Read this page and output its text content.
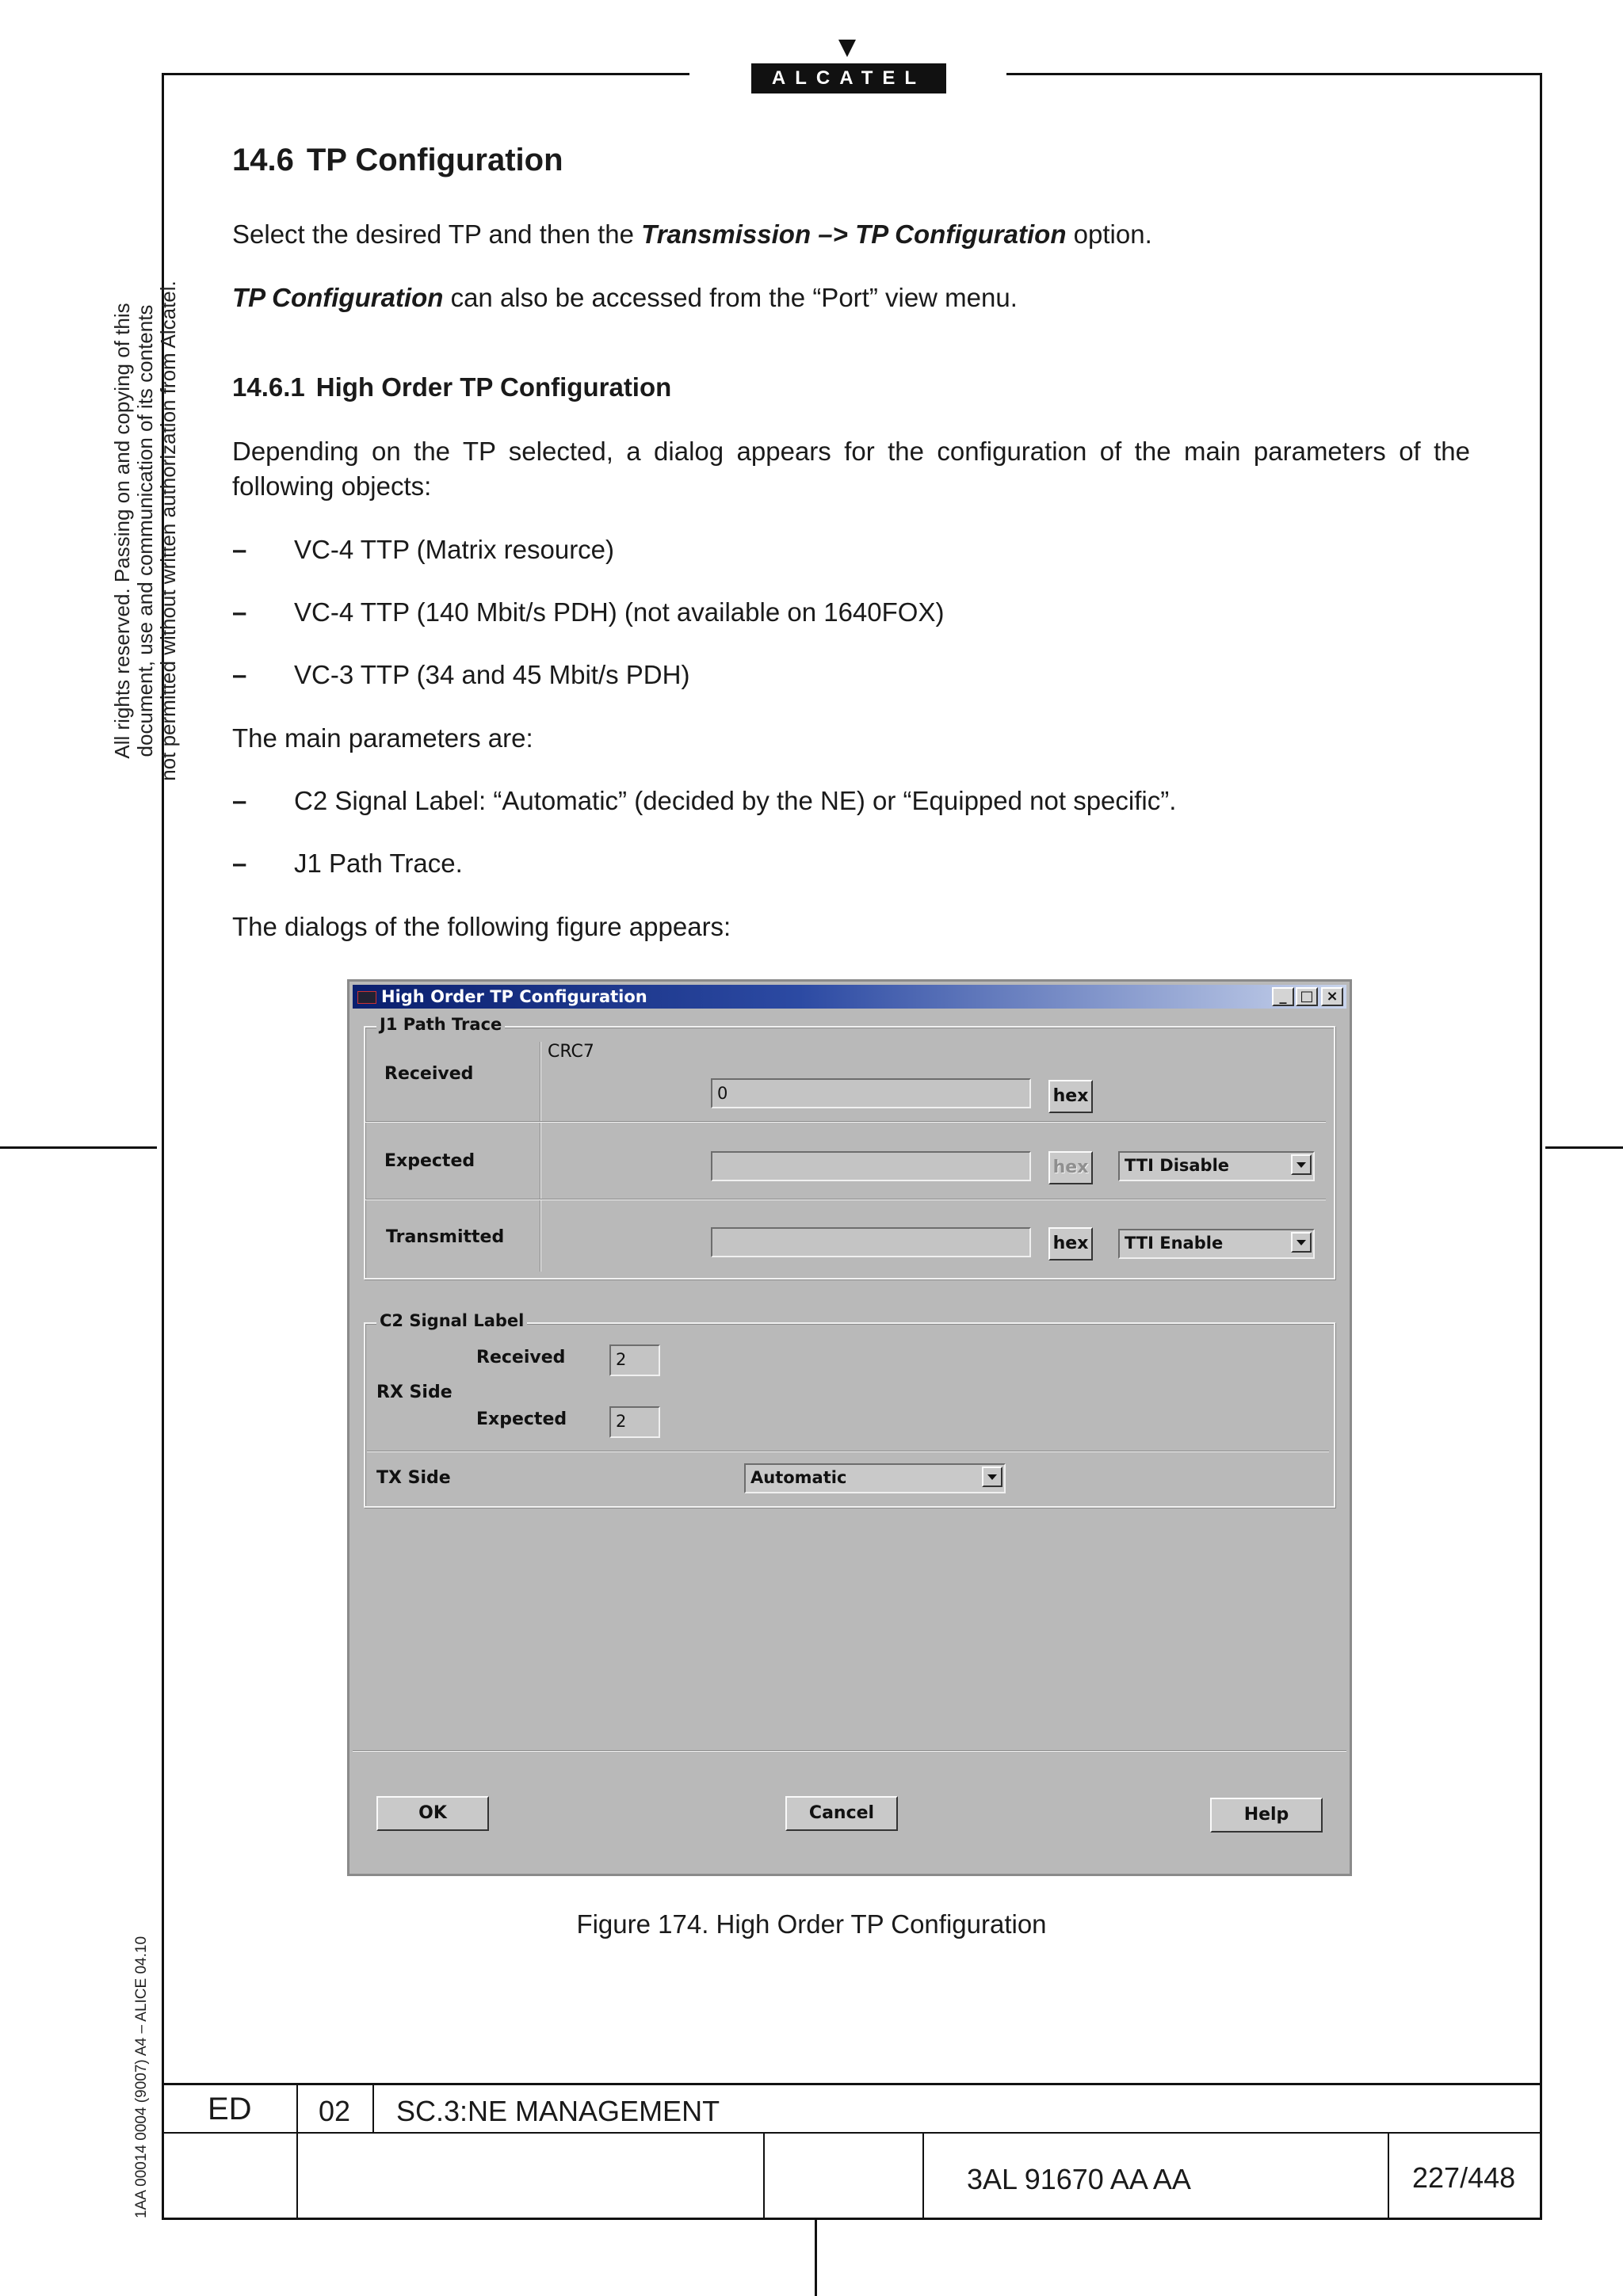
ALCATEL
All rights reserved. Passing on and copying of this document, use and communication of its contents not permitted without written authorization from Alcatel.
1AA 00014 0004 (9007) A4 – ALICE 04.10
14.6 TP Configuration

Select the desired TP and then the Transmission –> TP Configuration option.

TP Configuration can also be accessed from the “Port” view menu.

14.6.1 High Order TP Configuration

Depending on the TP selected, a dialog appears for the configuration of the main parameters of the following objects:

– VC-4 TTP (Matrix resource)
– VC-4 TTP (140 Mbit/s PDH) (not available on 1640FOX)
– VC-3 TTP (34 and 45 Mbit/s PDH)

The main parameters are:

– C2 Signal Label: “Automatic” (decided by the NE) or “Equipped not specific”.
– J1 Path Trace.

The dialogs of the following figure appears:

High Order TP Configuration	_ □ ×
J1 Path Trace
Received
CRC7
0	hex
Expected	hex	TTI Disable
Transmitted	hex	TTI Enable
C2 Signal Label
Received	2
RX Side
Expected	2
TX Side	Automatic
OK	Cancel	Help
Figure 174. High Order TP Configuration
ED 02 SC.3:NE MANAGEMENT
3AL 91670 AA AA	227/448
